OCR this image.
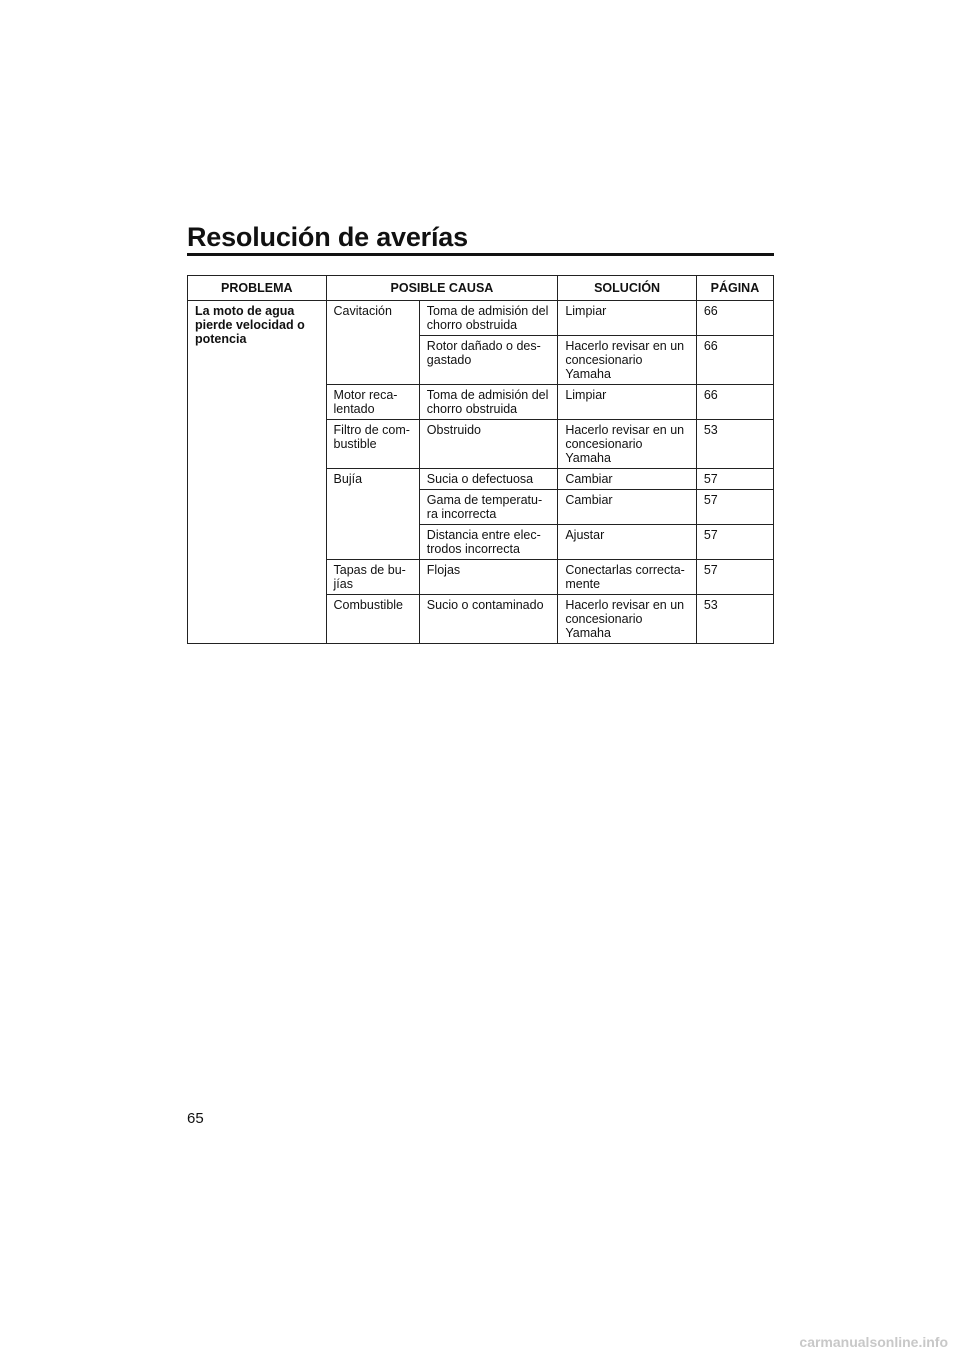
Resolución de averías
PROBLEMA	POSIBLE CAUSA		SOLUCIÓN	PÁGINA
La moto de agua pierde velocidad o potencia	Cavitación	Toma de admisión del chorro obstruida	Limpiar	66
		Rotor dañado o des-gastado	Hacerlo revisar en un concesionario Yamaha	66
	Motor reca-lentado	Toma de admisión del chorro obstruida	Limpiar	66
	Filtro de com-bustible	Obstruido	Hacerlo revisar en un concesionario Yamaha	53
	Bujía	Sucia o defectuosa	Cambiar	57
		Gama de temperatu-ra incorrecta	Cambiar	57
		Distancia entre elec-trodos incorrecta	Ajustar	57
	Tapas de bu-jías	Flojas	Conectarlas correcta-mente	57
	Combustible	Sucio o contaminado	Hacerlo revisar en un concesionario Yamaha	53
65
carmanualsonline.info
